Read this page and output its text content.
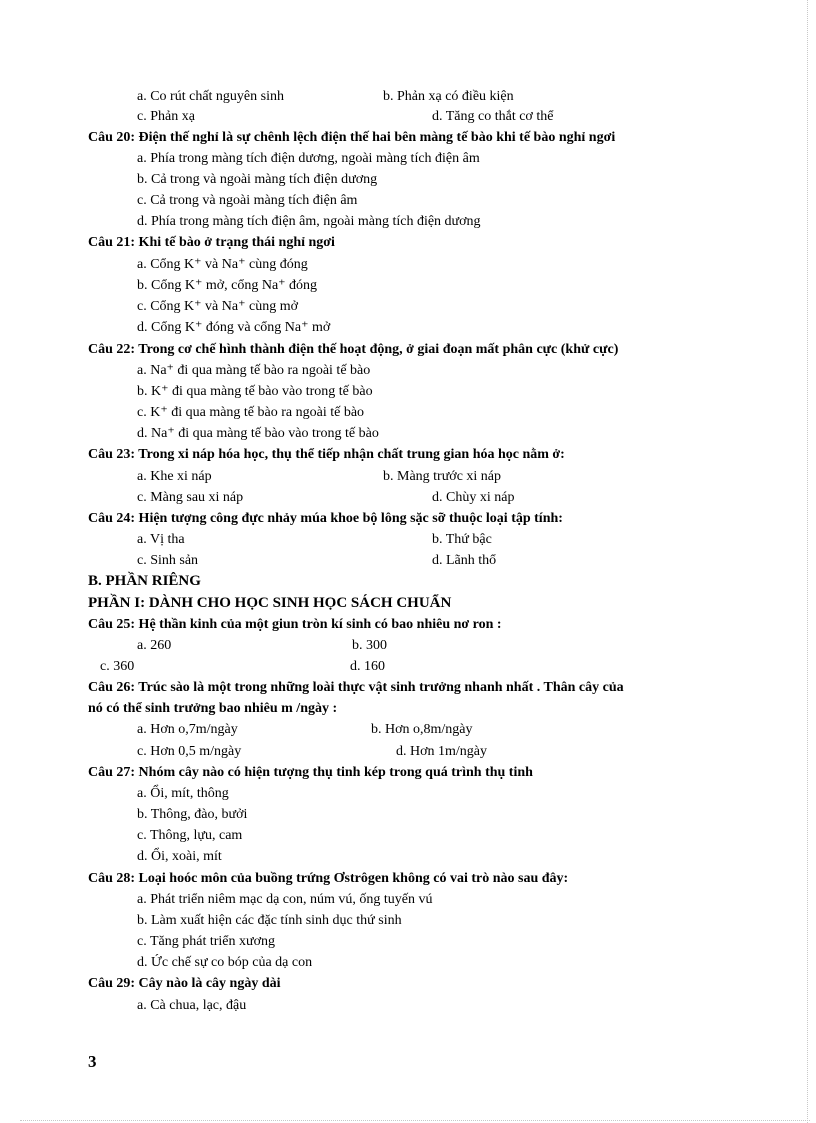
a. Co rút chất nguyên sinh	b. Phản xạ có điều kiện
c. Phản xạ	d. Tăng co thắt cơ thể
Câu 20: Điện thế nghỉ là sự chênh lệch điện thế hai bên màng tế bào khi tế bào nghỉ ngơi
a. Phía trong màng tích điện dương, ngoài màng tích điện âm
b. Cả trong và ngoài màng tích điện dương
c. Cả trong và ngoài màng tích điện âm
d. Phía trong màng tích điện âm, ngoài màng tích điện dương
Câu 21: Khi tế bào ở trạng thái nghỉ ngơi
a. Cổng K⁺ và Na⁺ cùng đóng
b. Cổng K⁺ mở, cổng Na⁺ đóng
c. Cổng K⁺ và Na⁺ cùng mở
d. Cổng K⁺ đóng và cổng Na⁺ mở
Câu 22: Trong cơ chế hình thành điện thế hoạt động, ở giai đoạn mất phân cực (khử cực)
a. Na⁺ đi qua màng tế bào ra ngoài tế bào
b. K⁺ đi qua màng tế bào vào trong tế bào
c. K⁺ đi qua màng tế bào ra ngoài tế bào
d. Na⁺ đi qua màng tế bào vào trong tế bào
Câu 23: Trong xi náp hóa học, thụ thể tiếp nhận chất trung gian hóa học nằm ở:
a. Khe xi náp	b. Màng trước xi náp
c. Màng sau xi náp	d. Chùy xi náp
Câu 24: Hiện tượng công đực nhảy múa khoe bộ lông sặc sỡ thuộc loại tập tính:
a. Vị tha	b. Thứ bậc
c. Sinh sản	d. Lãnh thổ
B. PHẦN RIÊNG
PHẦN I: DÀNH CHO HỌC SINH HỌC SÁCH CHUẨN
Câu 25: Hệ thần kinh của một giun tròn kí sinh có bao nhiêu nơ ron :
a. 260	b. 300
c. 360	d. 160
Câu 26: Trúc sào là một trong những loài thực vật sinh trưởng nhanh nhất . Thân cây của
nó có thể sinh trưởng bao nhiêu m /ngày :
a. Hơn o,7m/ngày	b. Hơn o,8m/ngày
c. Hơn 0,5 m/ngày	d. Hơn 1m/ngày
Câu 27: Nhóm cây nào có hiện tượng thụ tinh kép trong quá trình thụ tinh
a. Ổi, mít, thông
b. Thông, đào, bưởi
c. Thông, lựu, cam
d. Ổi, xoài, mít
Câu 28: Loại hoóc môn của buồng trứng Ơstrôgen không có vai trò nào sau đây:
a. Phát triển niêm mạc dạ con, núm vú, ống tuyến vú
b. Làm xuất hiện các đặc tính sinh dục thứ sinh
c. Tăng phát triển xương
d. Ức chế sự co bóp của dạ con
Câu 29: Cây nào là cây ngày dài
a. Cà chua, lạc, đậu
3
